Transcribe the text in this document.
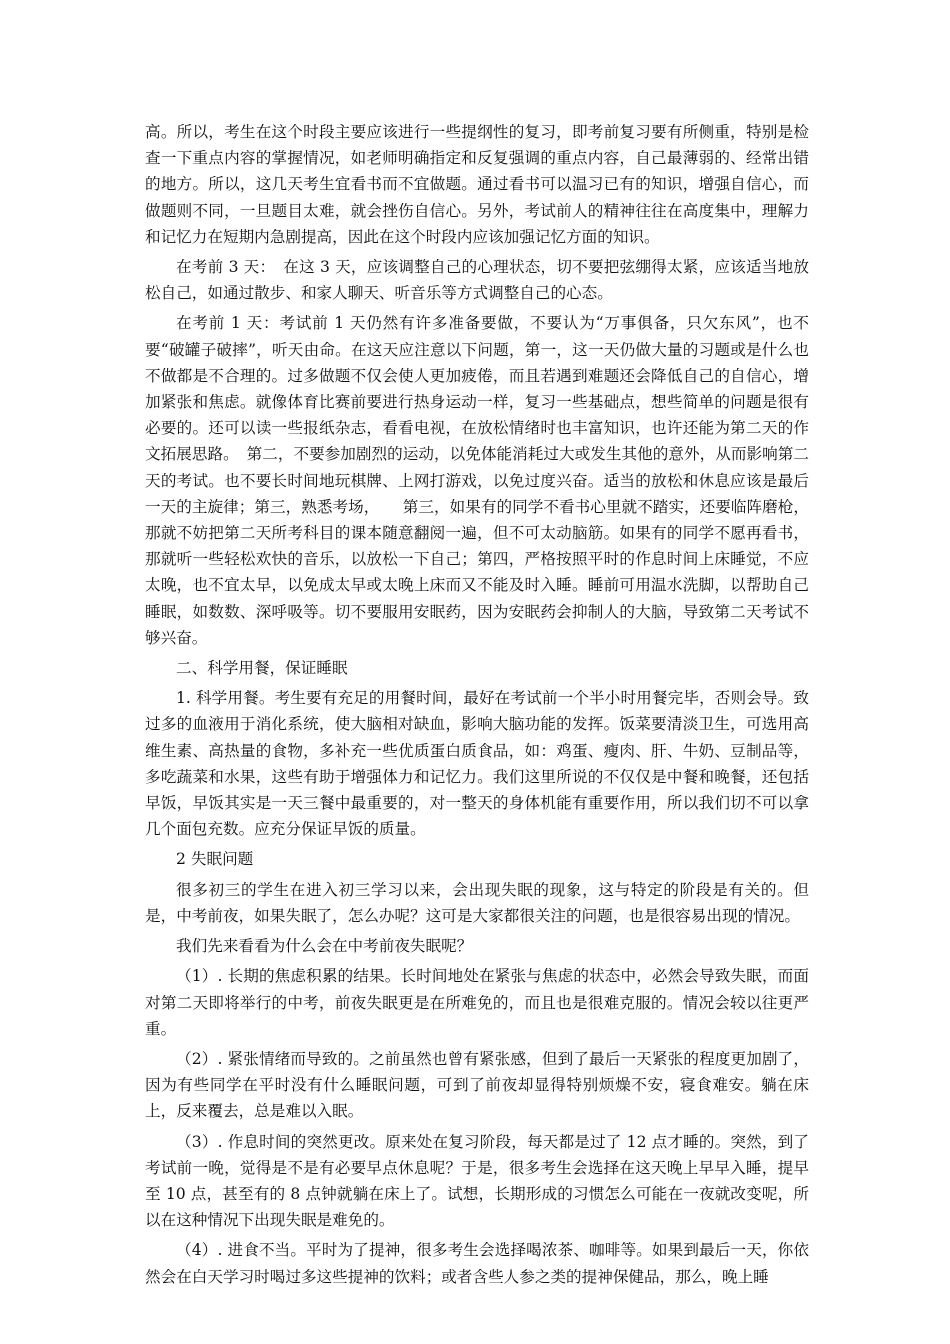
高。所以，考生在这个时段主要应该进行一些提纲性的复习，即考前复习要有所侧重，特别是检查一下重点内容的掌握情况，如老师明确指定和反复强调的重点内容，自己最薄弱的、经常出错的地方。所以，这几天考生宜看书而不宜做题。通过看书可以温习已有的知识，增强自信心，而做题则不同，一旦题目太难，就会挫伤自信心。另外，考试前人的精神往往在高度集中，理解力和记忆力在短期内急剧提高，因此在这个时段内应该加强记忆方面的知识。

在考前 3 天：　在这 3 天，应该调整自己的心理状态，切不要把弦绷得太紧，应该适当地放松自己，如通过散步、和家人聊天、听音乐等方式调整自己的心态。

在考前 1 天：考试前 1 天仍然有许多准备要做，不要认为“万事俱备，只欠东风”，也不要“破罐子破摔”，听天由命。在这天应注意以下问题，第一，这一天仍做大量的习题或是什么也不做都是不合理的。过多做题不仅会使人更加疲倦，而且若遇到难题还会降低自己的自信心，增加紧张和焦虑。就像体育比赛前要进行热身运动一样，复习一些基础点，想些简单的问题是很有必要的。还可以读一些报纸杂志，看看电视，在放松情绪时也丰富知识，也许还能为第二天的作文拓展思路。　第二，不要参加剧烈的运动，以免体能消耗过大或发生其他的意外，从而影响第二天的考试。也不要长时间地玩棋牌、上网打游戏，以免过度兴奋。适当的放松和休息应该是最后一天的主旋律；第三，熟悉考场，　　第三，如果有的同学不看书心里就不踏实，还要临阵磨枪，那就不妨把第二天所考科目的课本随意翻阅一遍，但不可太动脑筋。如果有的同学不愿再看书，那就听一些轻松欢快的音乐，以放松一下自己；第四，严格按照平时的作息时间上床睡觉，不应太晚，也不宜太早，以免成太早或太晚上床而又不能及时入睡。睡前可用温水洗脚，以帮助自己睡眠，如数数、深呼吸等。切不要服用安眠药，因为安眠药会抑制人的大脑，导致第二天考试不够兴奋。

二、科学用餐，保证睡眠

1. 科学用餐。考生要有充足的用餐时间，最好在考试前一个半小时用餐完毕，否则会导。致过多的血液用于消化系统，使大脑相对缺血，影响大脑功能的发挥。饭菜要清淡卫生，可选用高维生素、高热量的食物，多补充一些优质蛋白质食品，如：鸡蛋、瘦肉、肝、牛奶、豆制品等，多吃蔬菜和水果，这些有助于增强体力和记忆力。我们这里所说的不仅仅是中餐和晚餐，还包括早饭，早饭其实是一天三餐中最重要的，对一整天的身体机能有重要作用，所以我们切不可以拿几个面包充数。应充分保证早饭的质量。

2 失眠问题

很多初三的学生在进入初三学习以来，会出现失眠的现象，这与特定的阶段是有关的。但是，中考前夜，如果失眠了，怎么办呢？这可是大家都很关注的问题，也是很容易出现的情况。

我们先来看看为什么会在中考前夜失眠呢？

（1）. 长期的焦虑积累的结果。长时间地处在紧张与焦虑的状态中，必然会导致失眠，而面对第二天即将举行的中考，前夜失眠更是在所难免的，而且也是很难克服的。情况会较以往更严重。

（2）. 紧张情绪而导致的。之前虽然也曾有紧张感，但到了最后一天紧张的程度更加剧了，因为有些同学在平时没有什么睡眠问题，可到了前夜却显得特别烦燥不安，寝食难安。躺在床上，反来覆去，总是难以入眠。

（3）. 作息时间的突然更改。原来处在复习阶段，每天都是过了 12 点才睡的。突然，到了考试前一晚，觉得是不是有必要早点休息呢？于是，很多考生会选择在这天晚上早早入睡，提早至 10 点，甚至有的 8 点钟就躺在床上了。试想，长期形成的习惯怎么可能在一夜就改变呢，所以在这种情况下出现失眠是难免的。

（4）. 进食不当。平时为了提神，很多考生会选择喝浓茶、咖啡等。如果到最后一天，你依然会在白天学习时喝过多这些提神的饮料；或者含些人参之类的提神保健品，那么，晚上睡
